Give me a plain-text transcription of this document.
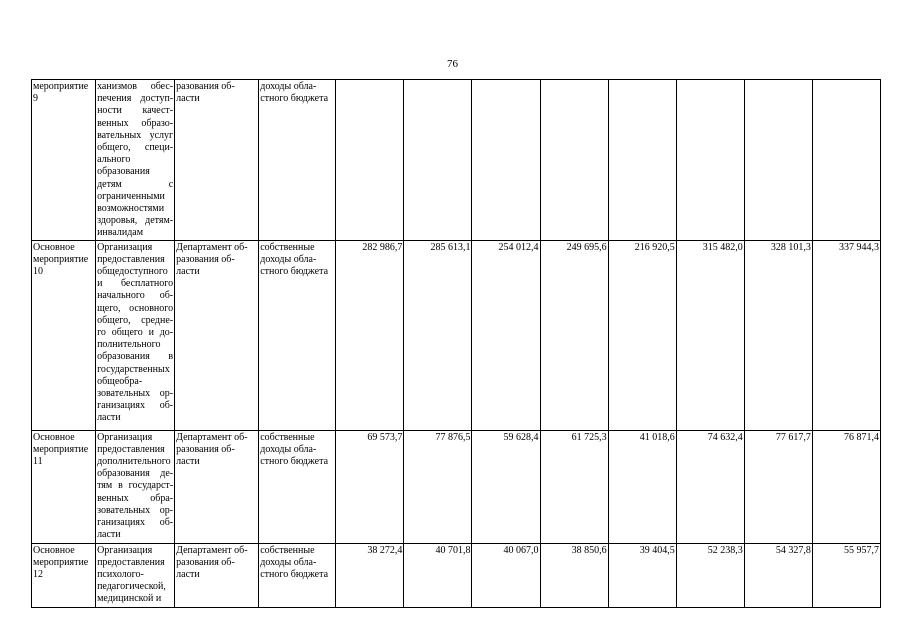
76
мероприятие 9	ханизмов обес-печения доступ-ности качест-венных образо-вательных услуг общего, специ-ального образования детям с ограниченными возможностями здоровья, детям-инвалидам	разования об-ласти	доходы обла-стного бюджета								
Основное мероприятие 10	Организация предоставления общедоступного и бесплатного начального об-щего, основного общего, средне-го общего и до-полнительного образования в государственных общеобра-зовательных ор-ганизациях об-ласти	Департамент об-разования об-ласти	собственные доходы обла-стного бюджета	282 986,7	285 613,1	254 012,4	249 695,6	216 920,5	315 482,0	328 101,3	337 944,3
Основное мероприятие 11	Организация предоставления дополнительного образования де-тям в государст-венных обра-зовательных ор-ганизациях об-ласти	Департамент об-разования об-ласти	собственные доходы обла-стного бюджета	69 573,7	77 876,5	59 628,4	61 725,3	41 018,6	74 632,4	77 617,7	76 871,4
Основное мероприятие 12	Организация предоставления психолого-педагогической, медицинской и	Департамент об-разования об-ласти	собственные доходы обла-стного бюджета	38 272,4	40 701,8	40 067,0	38 850,6	39 404,5	52 238,3	54 327,8	55 957,7
